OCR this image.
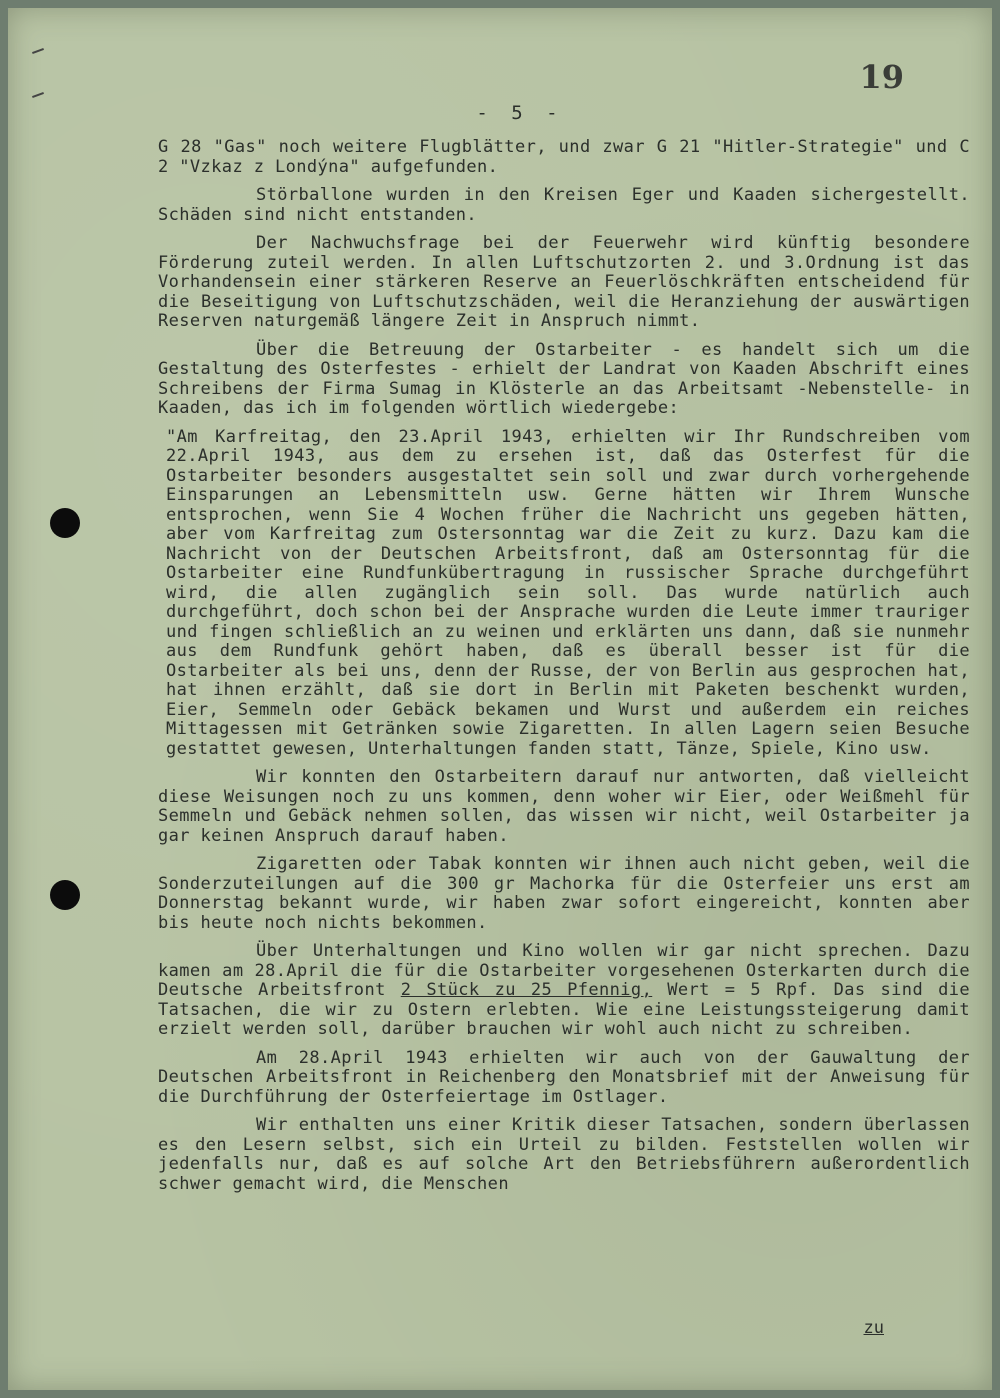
19
- 5 -

G 28 "Gas" noch weitere Flugblätter, und zwar G 21 "Hitler-Strategie" und C 2 "Vzkaz z Londýna" aufgefunden.

Störballone wurden in den Kreisen Eger und Kaaden sichergestellt. Schäden sind nicht entstanden.

Der Nachwuchsfrage bei der Feuerwehr wird künftig besondere Förderung zuteil werden. In allen Luftschutzorten 2. und 3.Ordnung ist das Vorhandensein einer stärkeren Reserve an Feuerlöschkräften entscheidend für die Beseitigung von Luftschutzschäden, weil die Heranziehung der auswärtigen Reserven naturgemäß längere Zeit in Anspruch nimmt.

Über die Betreuung der Ostarbeiter - es handelt sich um die Gestaltung des Osterfestes - erhielt der Landrat von Kaaden Abschrift eines Schreibens der Firma Sumag in Klösterle an das Arbeitsamt -Nebenstelle- in Kaaden, das ich im folgenden wörtlich wiedergebe:

"Am Karfreitag, den 23.April 1943, erhielten wir Ihr Rundschreiben vom 22.April 1943, aus dem zu ersehen ist, daß das Osterfest für die Ostarbeiter besonders ausgestaltet sein soll und zwar durch vorhergehende Einsparungen an Lebensmitteln usw. Gerne hätten wir Ihrem Wunsche entsprochen, wenn Sie 4 Wochen früher die Nachricht uns gegeben hätten, aber vom Karfreitag zum Ostersonntag war die Zeit zu kurz. Dazu kam die Nachricht von der Deutschen Arbeitsfront, daß am Ostersonntag für die Ostarbeiter eine Rundfunkübertragung in russischer Sprache durchgeführt wird, die allen zugänglich sein soll. Das wurde natürlich auch durchgeführt, doch schon bei der Ansprache wurden die Leute immer trauriger und fingen schließlich an zu weinen und erklärten uns dann, daß sie nunmehr aus dem Rundfunk gehört haben, daß es überall besser ist für die Ostarbeiter als bei uns, denn der Russe, der von Berlin aus gesprochen hat, hat ihnen erzählt, daß sie dort in Berlin mit Paketen beschenkt wurden, Eier, Semmeln oder Gebäck bekamen und Wurst und außerdem ein reiches Mittagessen mit Getränken sowie Zigaretten. In allen Lagern seien Besuche gestattet gewesen, Unterhaltungen fanden statt, Tänze, Spiele, Kino usw.

Wir konnten den Ostarbeitern darauf nur antworten, daß vielleicht diese Weisungen noch zu uns kommen, denn woher wir Eier, oder Weißmehl für Semmeln und Gebäck nehmen sollen, das wissen wir nicht, weil Ostarbeiter ja gar keinen Anspruch darauf haben.

Zigaretten oder Tabak konnten wir ihnen auch nicht geben, weil die Sonderzuteilungen auf die 300 gr Machorka für die Osterfeier uns erst am Donnerstag bekannt wurde, wir haben zwar sofort eingereicht, konnten aber bis heute noch nichts bekommen.

Über Unterhaltungen und Kino wollen wir gar nicht sprechen. Dazu kamen am 28.April die für die Ostarbeiter vorgesehenen Osterkarten durch die Deutsche Arbeitsfront 2 Stück zu 25 Pfennig, Wert = 5 Rpf. Das sind die Tatsachen, die wir zu Ostern erlebten. Wie eine Leistungssteigerung damit erzielt werden soll, darüber brauchen wir wohl auch nicht zu schreiben.

Am 28.April 1943 erhielten wir auch von der Gauwaltung der Deutschen Arbeitsfront in Reichenberg den Monatsbrief mit der Anweisung für die Durchführung der Osterfeiertage im Ostlager.

Wir enthalten uns einer Kritik dieser Tatsachen, sondern überlassen es den Lesern selbst, sich ein Urteil zu bilden. Feststellen wollen wir jedenfalls nur, daß es auf solche Art den Betriebsführern außerordentlich schwer gemacht wird, die Menschen

zu
